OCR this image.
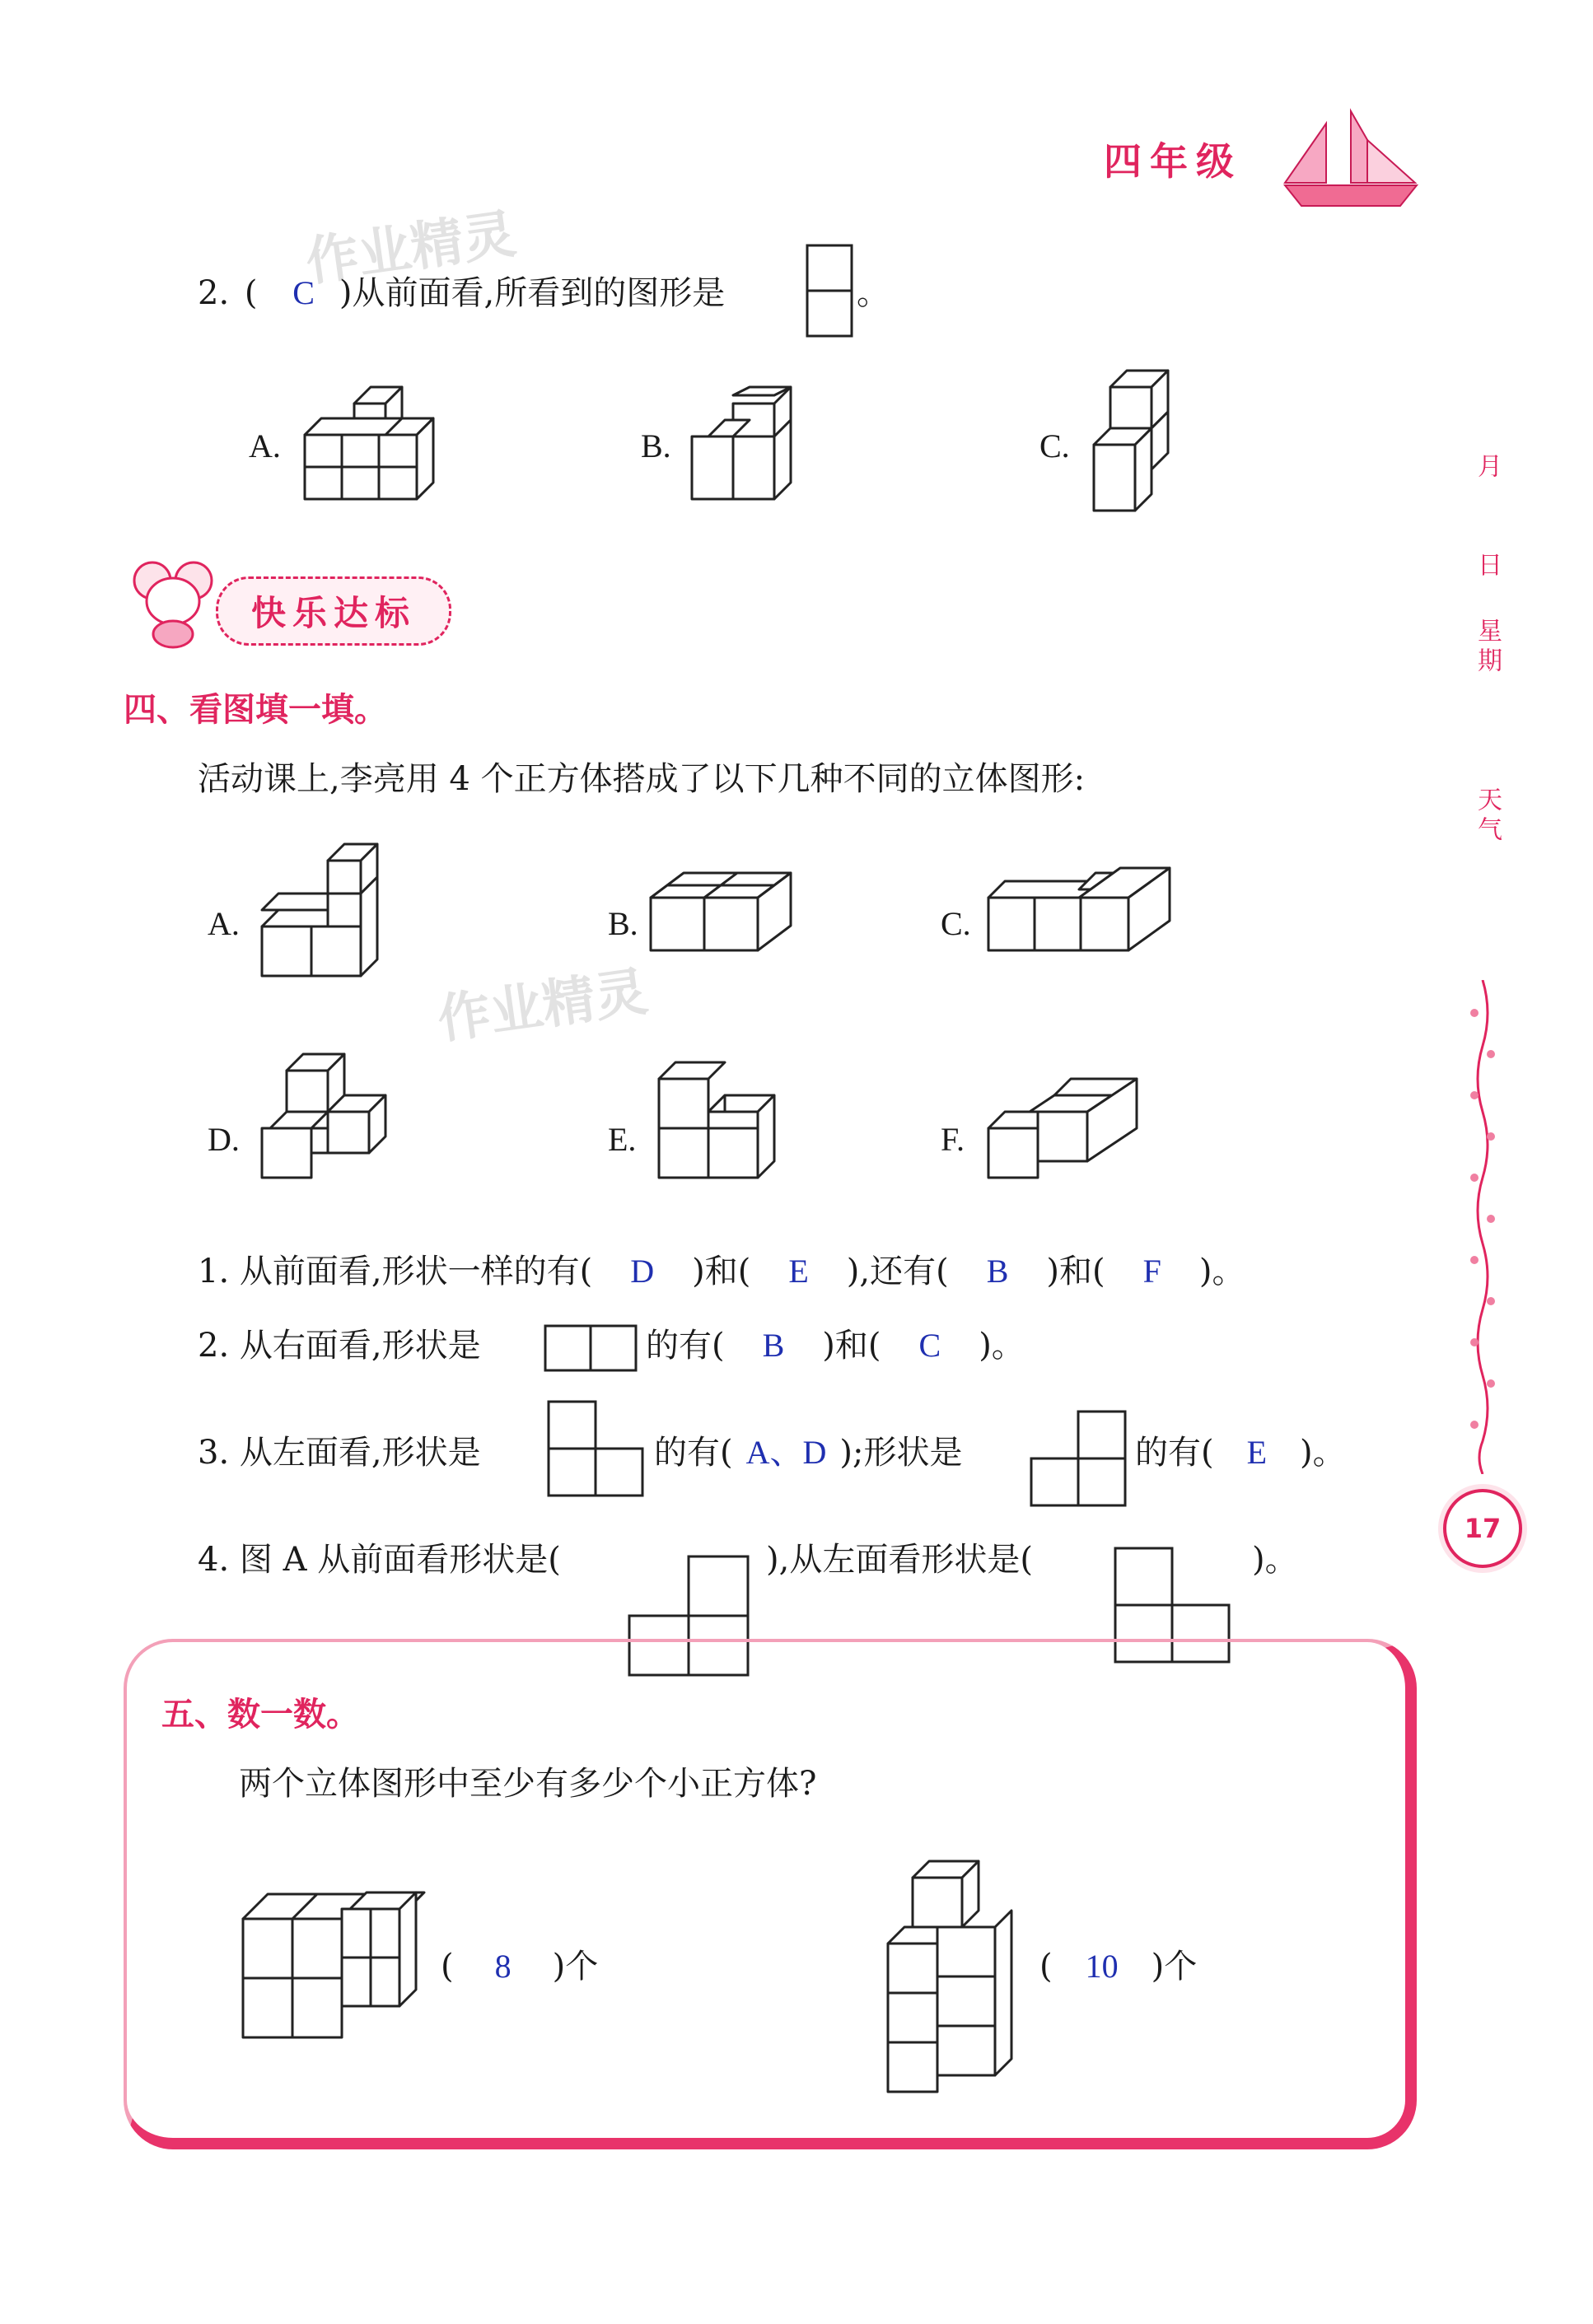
四年级
作业精灵
作业精灵
2. ( C )从前面看,所看到的图形是	。
A.	B.	C.
快乐达标
四、看图填一填。
活动课上,李亮用 4 个正方体搭成了以下几种不同的立体图形:
A.	B.	C.
D.	E.	F.
1. 从前面看,形状一样的有( D )和( E ),还有( B )和( F )。
2. 从右面看,形状是	的有( B )和( C )。
3. 从左面看,形状是	的有( A、D );形状是	的有( E )。
4. 图 A 从前面看形状是(	),从左面看形状是(	)。
五、数一数。
两个立体图形中至少有多少个小正方体?
( 8 )个	( 10 )个
月
日
星期
天气
17
